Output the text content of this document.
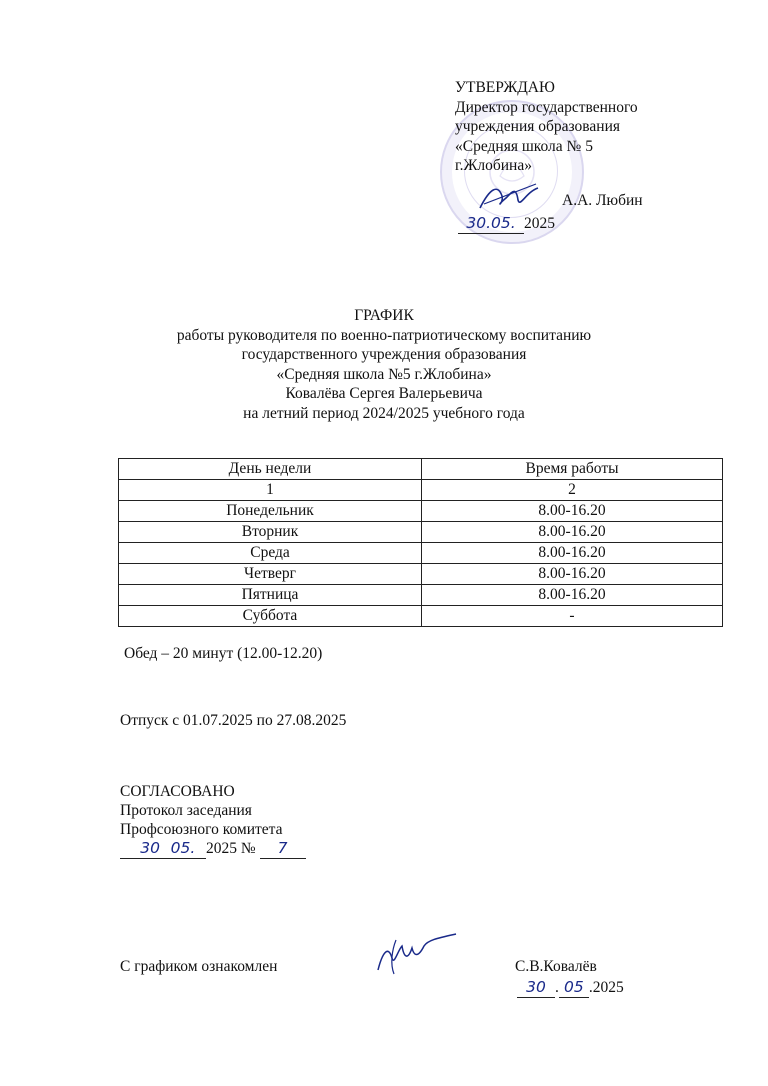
УТВЕРЖДАЮ
Директор государственного
учреждения образования
«Средняя школа № 5
г.Жлобина»
А.А. Любин
30.05. 2025
ГРАФИК
работы руководителя по военно-патриотическому воспитанию
государственного учреждения образования
«Средняя школа №5 г.Жлобина»
Ковалёва Сергея Валерьевича
на летний период 2024/2025 учебного года
День недели	Время работы
1	2
Понедельник	8.00-16.20
Вторник	8.00-16.20
Среда	8.00-16.20
Четверг	8.00-16.20
Пятница	8.00-16.20
Суббота	-
Обед – 20 минут (12.00-12.20)
Отпуск с 01.07.2025 по 27.08.2025
СОГЛАСОВАНО
Протокол заседания
Профсоюзного комитета
30 05. 2025 № 7
С графиком ознакомлен	С.В.Ковалёв
30 . 05 .2025
